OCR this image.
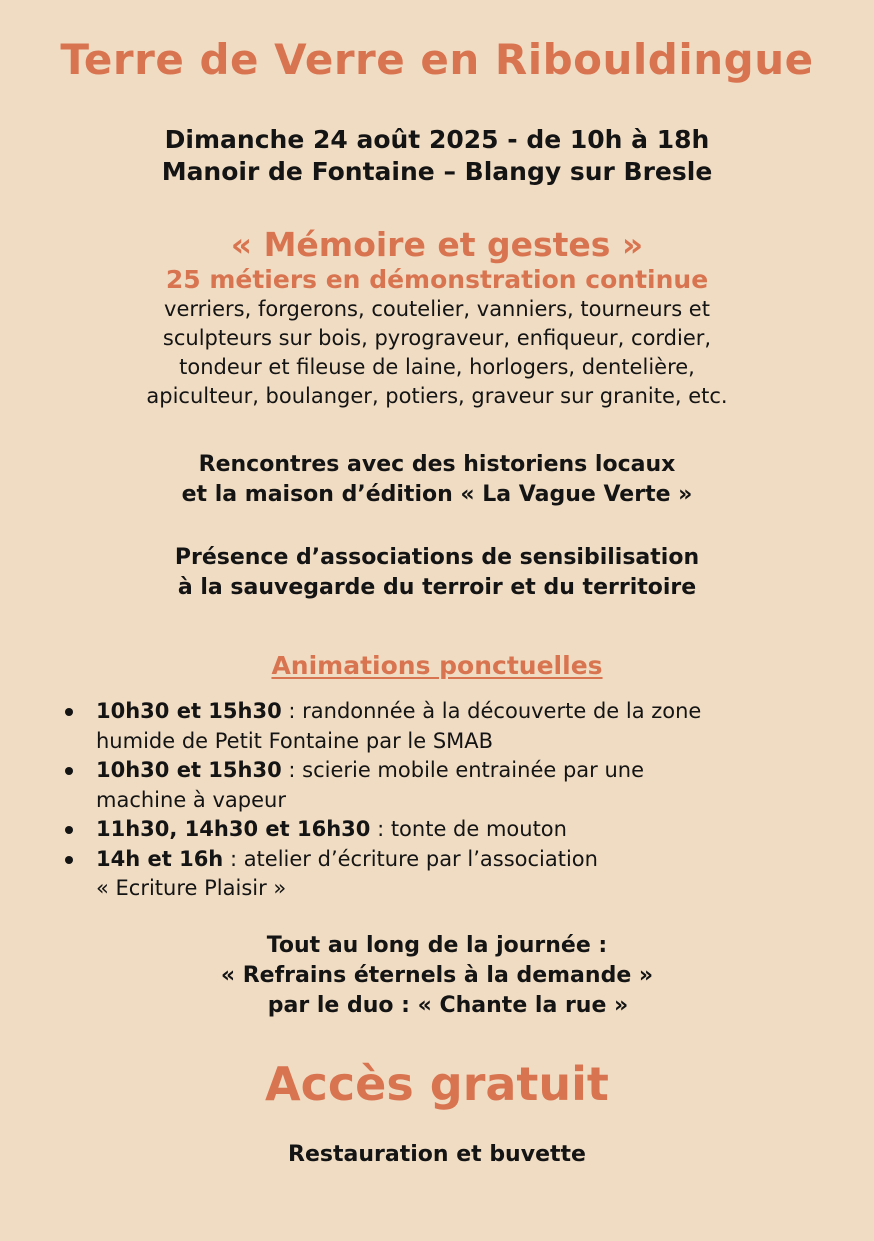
Terre de Verre en Ribouldingue
Dimanche 24 août 2025 - de 10h à 18h
Manoir de Fontaine – Blangy sur Bresle
« Mémoire et gestes »
25 métiers en démonstration continue
verriers, forgerons, coutelier, vanniers, tourneurs et
sculpteurs sur bois, pyrograveur, enfiqueur, cordier,
tondeur et fileuse de laine, horlogers, dentelière,
apiculteur, boulanger, potiers, graveur sur granite, etc.
Rencontres avec des historiens locaux
et la maison d’édition « La Vague Verte »
Présence d’associations de sensibilisation
à la sauvegarde du terroir et du territoire
Animations ponctuelles
10h30 et 15h30 : randonnée à la découverte de la zone
humide de Petit Fontaine par le SMAB
10h30 et 15h30 : scierie mobile entrainée par une
machine à vapeur
11h30, 14h30 et 16h30 : tonte de mouton
14h et 16h : atelier d’écriture par l’association
« Ecriture Plaisir »
Tout au long de la journée :
« Refrains éternels à la demande »
par le duo : « Chante la rue »
Accès gratuit
Restauration et buvette
